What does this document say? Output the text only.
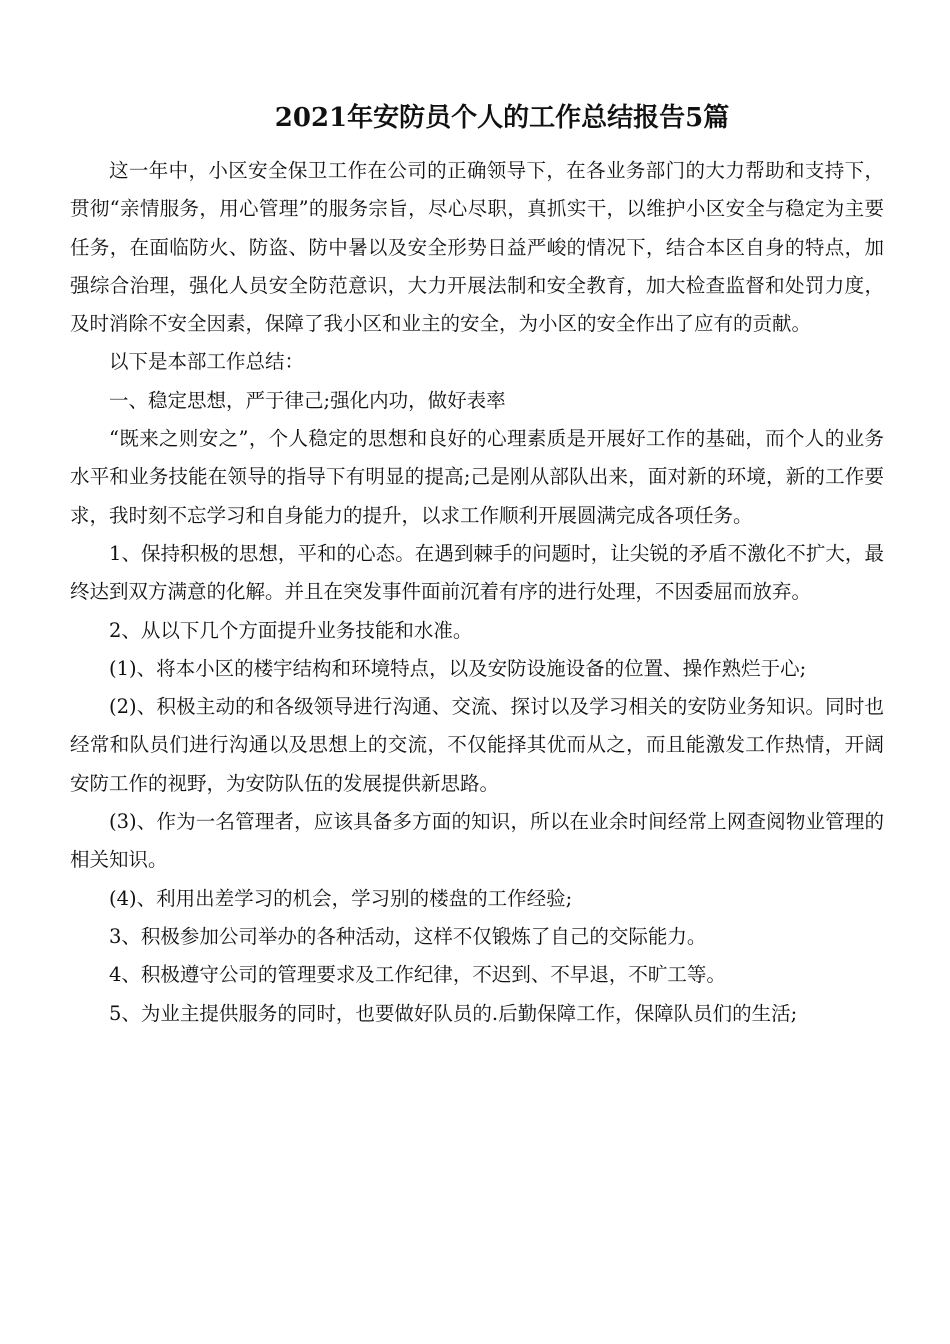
2021年安防员个人的工作总结报告5篇

这一年中，小区安全保卫工作在公司的正确领导下，在各业务部门的大力帮助和支持下，贯彻“亲情服务，用心管理”的服务宗旨，尽心尽职，真抓实干，以维护小区安全与稳定为主要任务，在面临防火、防盗、防中暑以及安全形势日益严峻的情况下，结合本区自身的特点，加强综合治理，强化人员安全防范意识，大力开展法制和安全教育，加大检查监督和处罚力度，及时消除不安全因素，保障了我小区和业主的安全，为小区的安全作出了应有的贡献。

以下是本部工作总结：

一、稳定思想，严于律己;强化内功，做好表率

“既来之则安之”，个人稳定的思想和良好的心理素质是开展好工作的基础，而个人的业务水平和业务技能在领导的指导下有明显的提高;己是刚从部队出来，面对新的环境，新的工作要求，我时刻不忘学习和自身能力的提升，以求工作顺利开展圆满完成各项任务。

1、保持积极的思想，平和的心态。在遇到棘手的问题时，让尖锐的矛盾不激化不扩大，最终达到双方满意的化解。并且在突发事件面前沉着有序的进行处理，不因委屈而放弃。

2、从以下几个方面提升业务技能和水准。

(1)、将本小区的楼宇结构和环境特点，以及安防设施设备的位置、操作熟烂于心;

(2)、积极主动的和各级领导进行沟通、交流、探讨以及学习相关的安防业务知识。同时也经常和队员们进行沟通以及思想上的交流，不仅能择其优而从之，而且能激发工作热情，开阔安防工作的视野，为安防队伍的发展提供新思路。

(3)、作为一名管理者，应该具备多方面的知识，所以在业余时间经常上网查阅物业管理的相关知识。

(4)、利用出差学习的机会，学习别的楼盘的工作经验;

3、积极参加公司举办的各种活动，这样不仅锻炼了自己的交际能力。

4、积极遵守公司的管理要求及工作纪律，不迟到、不早退，不旷工等。

5、为业主提供服务的同时，也要做好队员的.后勤保障工作，保障队员们的生活;
